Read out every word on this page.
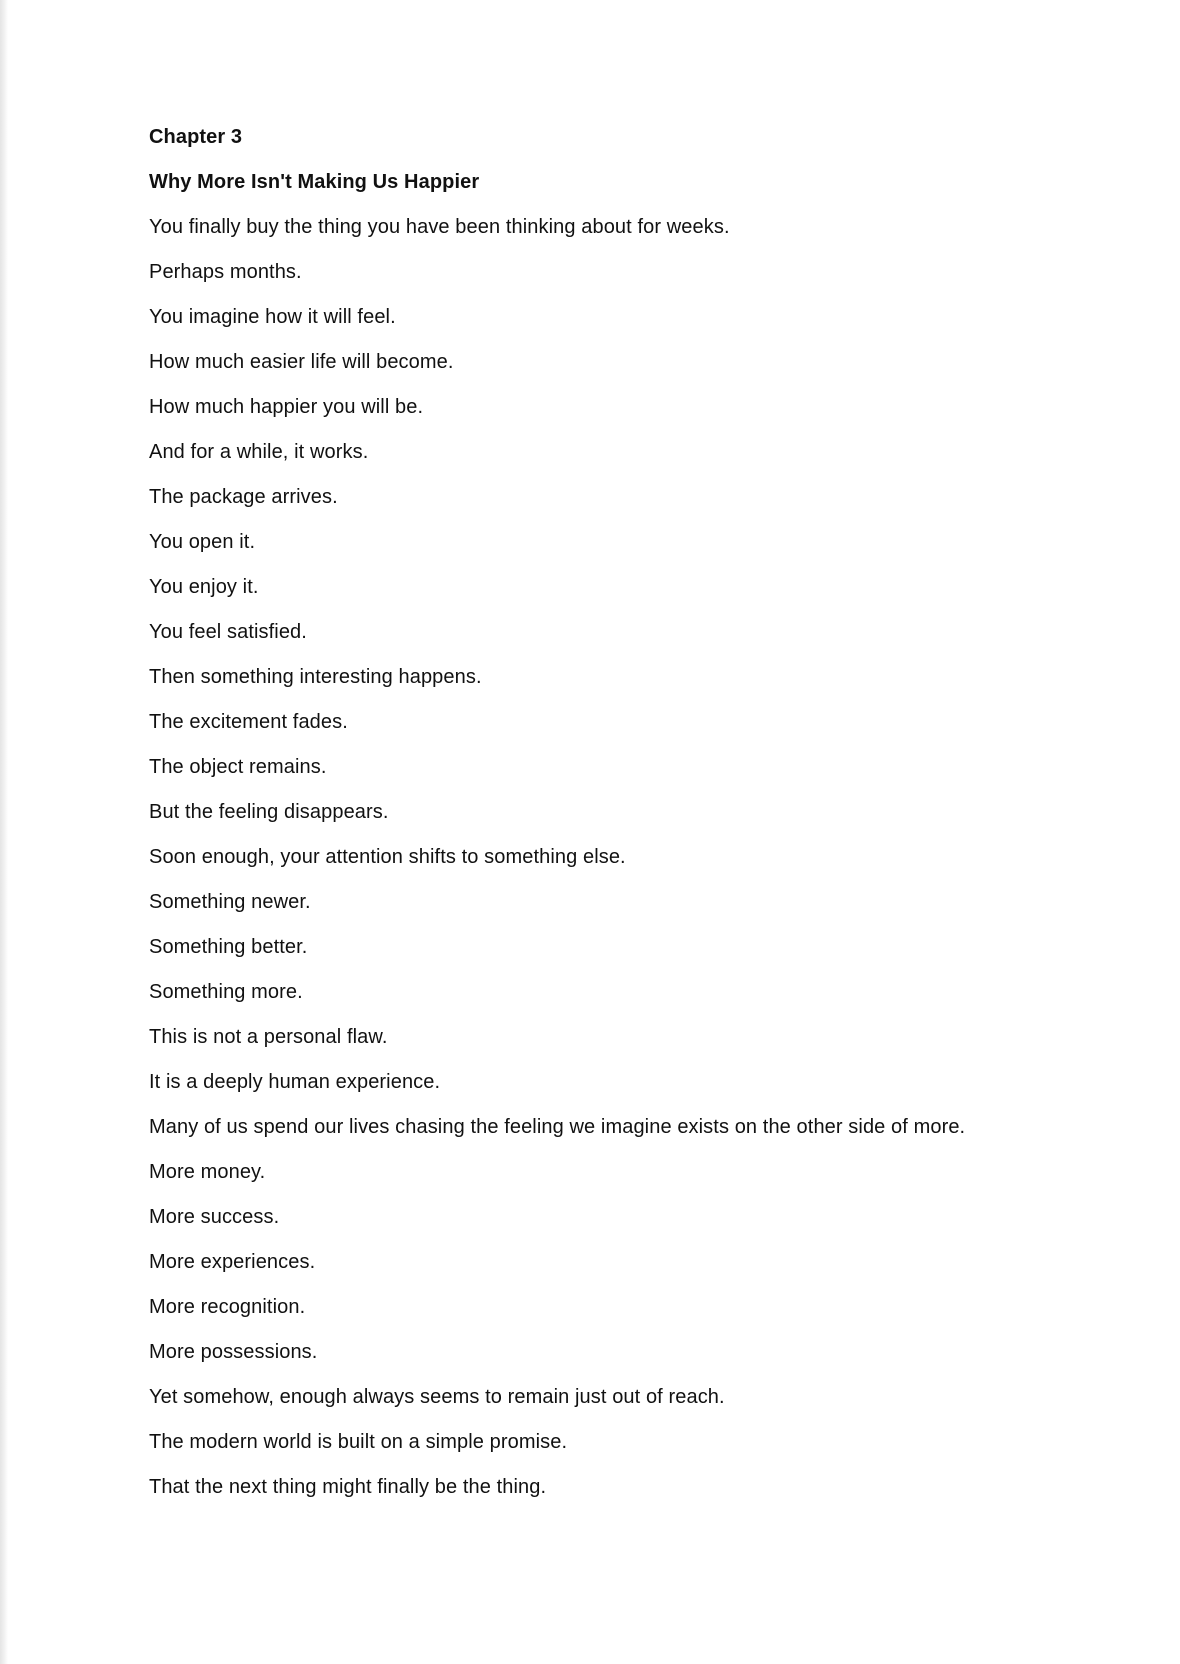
Chapter 3
Why More Isn't Making Us Happier
You finally buy the thing you have been thinking about for weeks.
Perhaps months.
You imagine how it will feel.
How much easier life will become.
How much happier you will be.
And for a while, it works.
The package arrives.
You open it.
You enjoy it.
You feel satisfied.
Then something interesting happens.
The excitement fades.
The object remains.
But the feeling disappears.
Soon enough, your attention shifts to something else.
Something newer.
Something better.
Something more.
This is not a personal flaw.
It is a deeply human experience.
Many of us spend our lives chasing the feeling we imagine exists on the other side of more.
More money.
More success.
More experiences.
More recognition.
More possessions.
Yet somehow, enough always seems to remain just out of reach.
The modern world is built on a simple promise.
That the next thing might finally be the thing.
